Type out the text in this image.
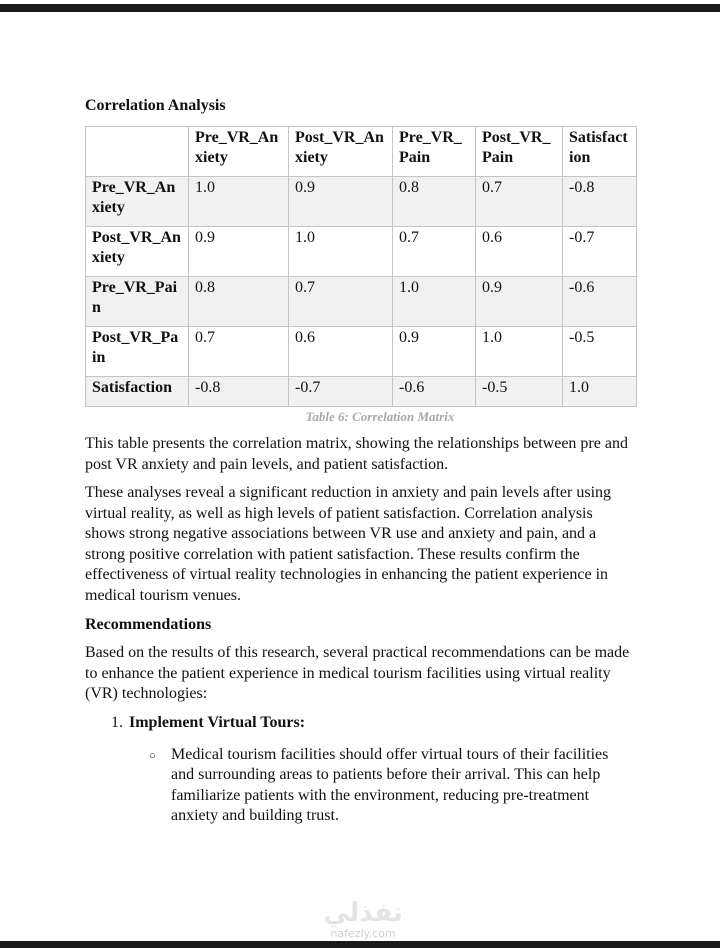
Correlation Analysis
	Pre_VR_Anxiety	Post_VR_Anxiety	Pre_VR_Pain	Post_VR_Pain	Satisfaction
Pre_VR_Anxiety	1.0	0.9	0.8	0.7	-0.8
Post_VR_Anxiety	0.9	1.0	0.7	0.6	-0.7
Pre_VR_Pain	0.8	0.7	1.0	0.9	-0.6
Post_VR_Pain	0.7	0.6	0.9	1.0	-0.5
Satisfaction	-0.8	-0.7	-0.6	-0.5	1.0
Table 6: Correlation Matrix

This table presents the correlation matrix, showing the relationships between pre and post VR anxiety and pain levels, and patient satisfaction.

These analyses reveal a significant reduction in anxiety and pain levels after using virtual reality, as well as high levels of patient satisfaction. Correlation analysis shows strong negative associations between VR use and anxiety and pain, and a strong positive correlation with patient satisfaction. These results confirm the effectiveness of virtual reality technologies in enhancing the patient experience in medical tourism venues.

Recommendations

Based on the results of this research, several practical recommendations can be made to enhance the patient experience in medical tourism facilities using virtual reality (VR) technologies:

1. Implement Virtual Tours:
○ Medical tourism facilities should offer virtual tours of their facilities and surrounding areas to patients before their arrival. This can help familiarize patients with the environment, reducing pre-treatment anxiety and building trust.
نفذلي
nafezly.com
